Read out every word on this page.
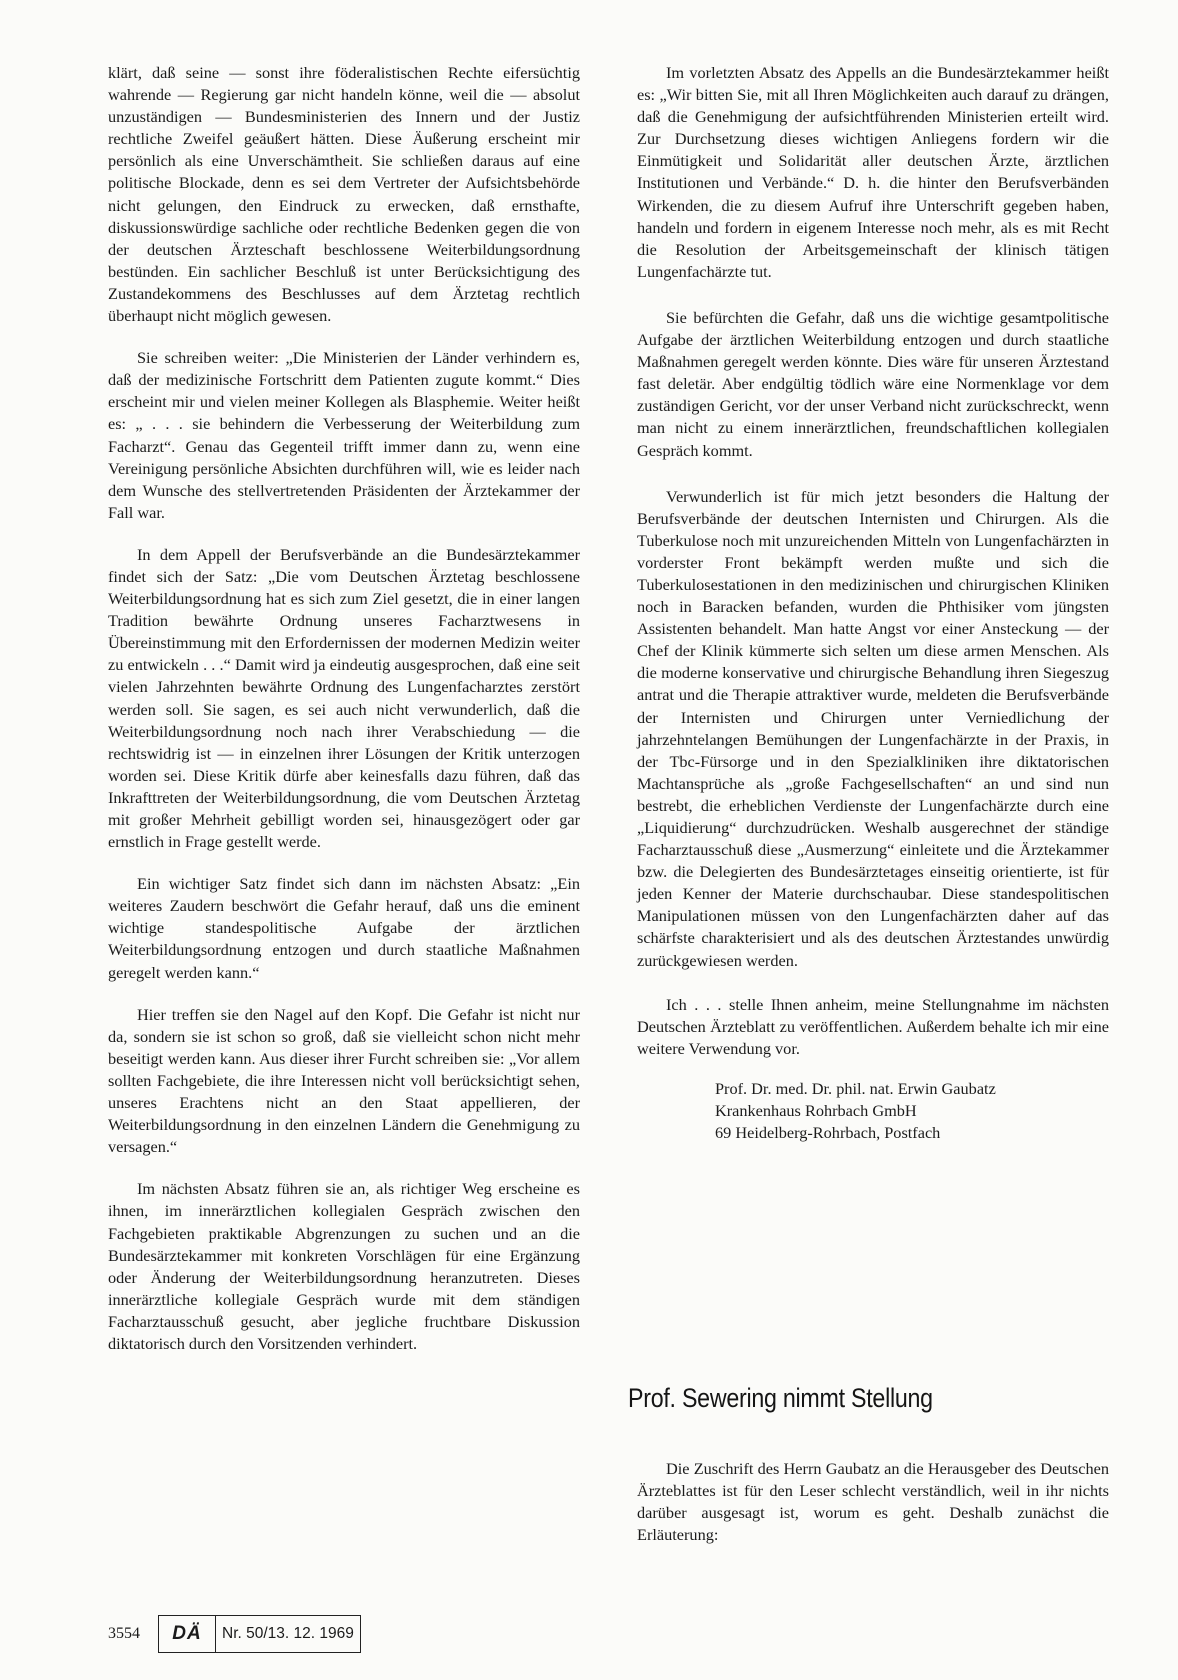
klärt, daß seine — sonst ihre föderalistischen Rechte eifersüchtig wahrende — Regierung gar nicht handeln könne, weil die — absolut unzuständigen — Bundesministerien des Innern und der Justiz rechtliche Zweifel geäußert hätten. Diese Äußerung erscheint mir persönlich als eine Unverschämtheit. Sie schließen daraus auf eine politische Blockade, denn es sei dem Vertreter der Aufsichtsbehörde nicht gelungen, den Eindruck zu erwecken, daß ernsthafte, diskussionswürdige sachliche oder rechtliche Bedenken gegen die von der deutschen Ärzteschaft beschlossene Weiterbildungsordnung bestünden. Ein sachlicher Beschluß ist unter Berücksichtigung des Zustandekommens des Beschlusses auf dem Ärztetag rechtlich überhaupt nicht möglich gewesen.

Sie schreiben weiter: „Die Ministerien der Länder verhindern es, daß der medizinische Fortschritt dem Patienten zugute kommt.“ Dies erscheint mir und vielen meiner Kollegen als Blasphemie. Weiter heißt es: „ . . . sie behindern die Verbesserung der Weiterbildung zum Facharzt“. Genau das Gegenteil trifft immer dann zu, wenn eine Vereinigung persönliche Absichten durchführen will, wie es leider nach dem Wunsche des stellvertretenden Präsidenten der Ärztekammer der Fall war.

In dem Appell der Berufsverbände an die Bundesärztekammer findet sich der Satz: „Die vom Deutschen Ärztetag beschlossene Weiterbildungsordnung hat es sich zum Ziel gesetzt, die in einer langen Tradition bewährte Ordnung unseres Facharztwesens in Übereinstimmung mit den Erfordernissen der modernen Medizin weiter zu entwickeln . . .“ Damit wird ja eindeutig ausgesprochen, daß eine seit vielen Jahrzehnten bewährte Ordnung des Lungenfacharztes zerstört werden soll. Sie sagen, es sei auch nicht verwunderlich, daß die Weiterbildungsordnung noch nach ihrer Verabschiedung — die rechtswidrig ist — in einzelnen ihrer Lösungen der Kritik unterzogen worden sei. Diese Kritik dürfe aber keinesfalls dazu führen, daß das Inkrafttreten der Weiterbildungsordnung, die vom Deutschen Ärztetag mit großer Mehrheit gebilligt worden sei, hinausgezögert oder gar ernstlich in Frage gestellt werde.

Ein wichtiger Satz findet sich dann im nächsten Absatz: „Ein weiteres Zaudern beschwört die Gefahr herauf, daß uns die eminent wichtige standespolitische Aufgabe der ärztlichen Weiterbildungsordnung entzogen und durch staatliche Maßnahmen geregelt werden kann.“

Hier treffen sie den Nagel auf den Kopf. Die Gefahr ist nicht nur da, sondern sie ist schon so groß, daß sie vielleicht schon nicht mehr beseitigt werden kann. Aus dieser ihrer Furcht schreiben sie: „Vor allem sollten Fachgebiete, die ihre Interessen nicht voll berücksichtigt sehen, unseres Erachtens nicht an den Staat appellieren, der Weiterbildungsordnung in den einzelnen Ländern die Genehmigung zu versagen.“

Im nächsten Absatz führen sie an, als richtiger Weg erscheine es ihnen, im innerärztlichen kollegialen Gespräch zwischen den Fachgebieten praktikable Abgrenzungen zu suchen und an die Bundesärztekammer mit konkreten Vorschlägen für eine Ergänzung oder Änderung der Weiterbildungsordnung heranzutreten. Dieses innerärztliche kollegiale Gespräch wurde mit dem ständigen Facharztausschuß gesucht, aber jegliche fruchtbare Diskussion diktatorisch durch den Vorsitzenden verhindert.

Im vorletzten Absatz des Appells an die Bundesärztekammer heißt es: „Wir bitten Sie, mit all Ihren Möglichkeiten auch darauf zu drängen, daß die Genehmigung der aufsichtführenden Ministerien erteilt wird. Zur Durchsetzung dieses wichtigen Anliegens fordern wir die Einmütigkeit und Solidarität aller deutschen Ärzte, ärztlichen Institutionen und Verbände.“ D. h. die hinter den Berufsverbänden Wirkenden, die zu diesem Aufruf ihre Unterschrift gegeben haben, handeln und fordern in eigenem Interesse noch mehr, als es mit Recht die Resolution der Arbeitsgemeinschaft der klinisch tätigen Lungenfachärzte tut.

Sie befürchten die Gefahr, daß uns die wichtige gesamtpolitische Aufgabe der ärztlichen Weiterbildung entzogen und durch staatliche Maßnahmen geregelt werden könnte. Dies wäre für unseren Ärztestand fast deletär. Aber endgültig tödlich wäre eine Normenklage vor dem zuständigen Gericht, vor der unser Verband nicht zurückschreckt, wenn man nicht zu einem innerärztlichen, freundschaftlichen kollegialen Gespräch kommt.

Verwunderlich ist für mich jetzt besonders die Haltung der Berufsverbände der deutschen Internisten und Chirurgen. Als die Tuberkulose noch mit unzureichenden Mitteln von Lungenfachärzten in vorderster Front bekämpft werden mußte und sich die Tuberkulosestationen in den medizinischen und chirurgischen Kliniken noch in Baracken befanden, wurden die Phthisiker vom jüngsten Assistenten behandelt. Man hatte Angst vor einer Ansteckung — der Chef der Klinik kümmerte sich selten um diese armen Menschen. Als die moderne konservative und chirurgische Behandlung ihren Siegeszug antrat und die Therapie attraktiver wurde, meldeten die Berufsverbände der Internisten und Chirurgen unter Verniedlichung der jahrzehntelangen Bemühungen der Lungenfachärzte in der Praxis, in der Tbc-Fürsorge und in den Spezialkliniken ihre diktatorischen Machtansprüche als „große Fachgesellschaften“ an und sind nun bestrebt, die erheblichen Verdienste der Lungenfachärzte durch eine „Liquidierung“ durchzudrücken. Weshalb ausgerechnet der ständige Facharztausschuß diese „Ausmerzung“ einleitete und die Ärztekammer bzw. die Delegierten des Bundesärztetages einseitig orientierte, ist für jeden Kenner der Materie durchschaubar. Diese standespolitischen Manipulationen müssen von den Lungenfachärzten daher auf das schärfste charakterisiert und als des deutschen Ärztestandes unwürdig zurückgewiesen werden.

Ich . . . stelle Ihnen anheim, meine Stellungnahme im nächsten Deutschen Ärzteblatt zu veröffentlichen. Außerdem behalte ich mir eine weitere Verwendung vor.

Prof. Dr. med. Dr. phil. nat. Erwin Gaubatz
Krankenhaus Rohrbach GmbH
69 Heidelberg-Rohrbach, Postfach
Prof. Sewering nimmt Stellung

Die Zuschrift des Herrn Gaubatz an die Herausgeber des Deutschen Ärzteblattes ist für den Leser schlecht verständlich, weil in ihr nichts darüber ausgesagt ist, worum es geht. Deshalb zunächst die Erläuterung:

3554	DÄ	Nr. 50/13. 12. 1969
